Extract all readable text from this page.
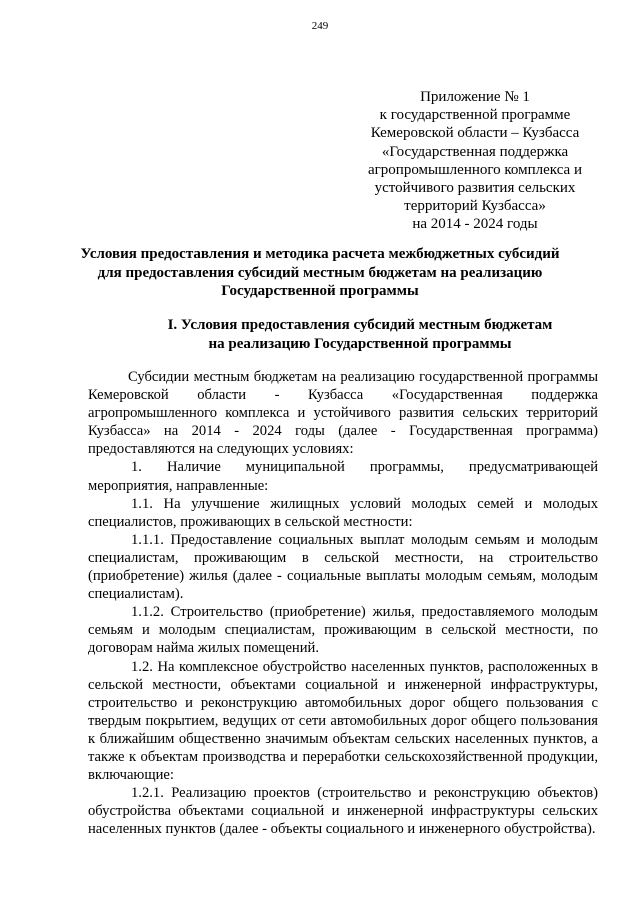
249
Приложение № 1
к государственной программе
Кемеровской области – Кузбасса
«Государственная поддержка
агропромышленного комплекса и
устойчивого развития сельских
территорий Кузбасса»
на 2014 - 2024 годы
Условия предоставления и методика расчета межбюджетных субсидий
для предоставления субсидий местным бюджетам на реализацию
Государственной программы
I. Условия предоставления субсидий местным бюджетам
на реализацию Государственной программы

Субсидии местным бюджетам на реализацию государственной программы Кемеровской области - Кузбасса «Государственная поддержка агропромышленного комплекса и устойчивого развития сельских территорий Кузбасса» на 2014 - 2024 годы (далее - Государственная программа) предоставляются на следующих условиях:

1. Наличие муниципальной программы, предусматривающей мероприятия, направленные:

1.1. На улучшение жилищных условий молодых семей и молодых специалистов, проживающих в сельской местности:

1.1.1. Предоставление социальных выплат молодым семьям и молодым специалистам, проживающим в сельской местности, на строительство (приобретение) жилья (далее - социальные выплаты молодым семьям, молодым специалистам).

1.1.2. Строительство (приобретение) жилья, предоставляемого молодым семьям и молодым специалистам, проживающим в сельской местности, по договорам найма жилых помещений.

1.2. На комплексное обустройство населенных пунктов, расположенных в сельской местности, объектами социальной и инженерной инфраструктуры, строительство и реконструкцию автомобильных дорог общего пользования с твердым покрытием, ведущих от сети автомобильных дорог общего пользования к ближайшим общественно значимым объектам сельских населенных пунктов, а также к объектам производства и переработки сельскохозяйственной продукции, включающие:

1.2.1. Реализацию проектов (строительство и реконструкцию объектов) обустройства объектами социальной и инженерной инфраструктуры сельских населенных пунктов (далее - объекты социального и инженерного обустройства).
